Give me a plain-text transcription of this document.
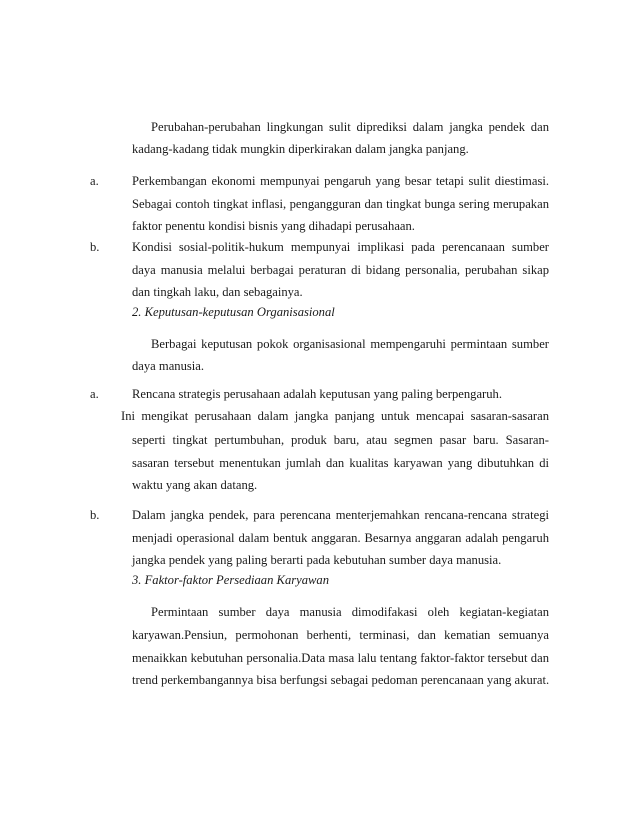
Perubahan-perubahan lingkungan sulit diprediksi dalam jangka pendek dan
kadang-kadang tidak mungkin diperkirakan dalam jangka panjang.
a.	Perkembangan ekonomi mempunyai pengaruh yang besar tetapi sulit diestimasi.
Sebagai contoh tingkat inflasi, pengangguran dan tingkat bunga sering merupakan
faktor penentu kondisi bisnis yang dihadapi perusahaan.
b.	Kondisi sosial-politik-hukum mempunyai implikasi pada perencanaan sumber
daya manusia melalui berbagai peraturan di bidang personalia, perubahan sikap
dan tingkah laku, dan sebagainya.
2. Keputusan-keputusan Organisasional
Berbagai keputusan pokok organisasional mempengaruhi permintaan sumber
daya manusia.
a.	Rencana strategis perusahaan adalah keputusan yang paling berpengaruh.
Ini mengikat perusahaan dalam jangka panjang untuk mencapai sasaran-sasaran
seperti tingkat pertumbuhan, produk baru, atau segmen pasar baru. Sasaran-
sasaran tersebut menentukan jumlah dan kualitas karyawan yang dibutuhkan di
waktu yang akan datang.
b.	Dalam jangka pendek, para perencana menterjemahkan rencana-rencana strategi
menjadi operasional dalam bentuk anggaran. Besarnya anggaran adalah pengaruh
jangka pendek yang paling berarti pada kebutuhan sumber daya manusia.
3. Faktor-faktor Persediaan Karyawan
Permintaan sumber daya manusia dimodifakasi oleh kegiatan-kegiatan
karyawan.Pensiun, permohonan berhenti, terminasi, dan kematian semuanya
menaikkan kebutuhan personalia.Data masa lalu tentang faktor-faktor tersebut dan
trend perkembangannya bisa berfungsi sebagai pedoman perencanaan yang akurat.
